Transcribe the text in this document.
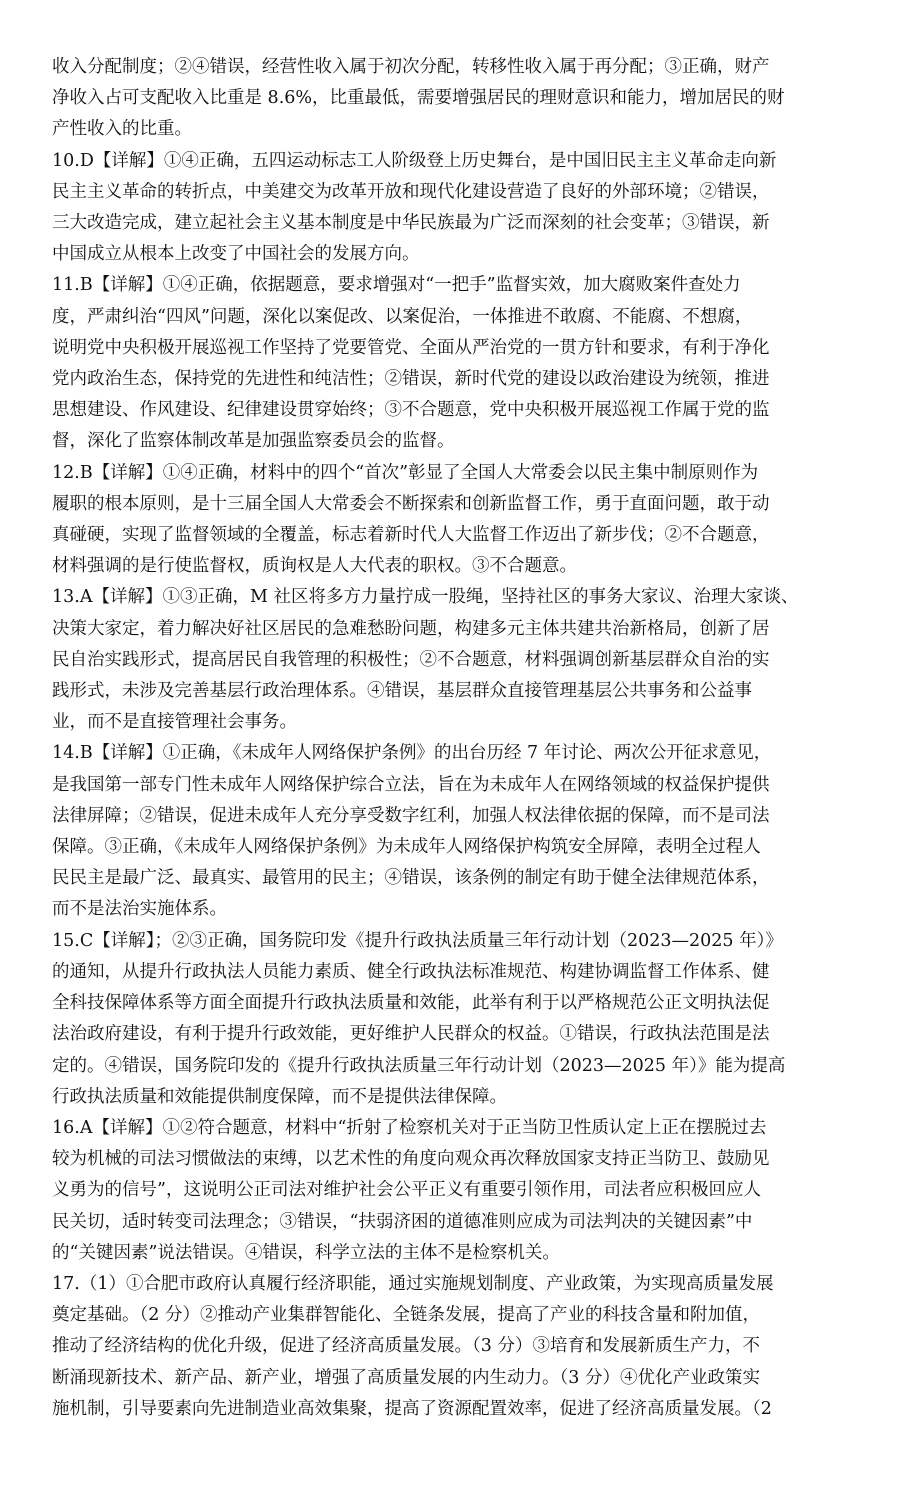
收入分配制度；②④错误，经营性收入属于初次分配，转移性收入属于再分配；③正确，财产
净收入占可支配收入比重是 8.6%，比重最低，需要增强居民的理财意识和能力，增加居民的财
产性收入的比重。
10.D【详解】①④正确，五四运动标志工人阶级登上历史舞台，是中国旧民主主义革命走向新
民主主义革命的转折点，中美建交为改革开放和现代化建设营造了良好的外部环境；②错误，
三大改造完成，建立起社会主义基本制度是中华民族最为广泛而深刻的社会变革；③错误，新
中国成立从根本上改变了中国社会的发展方向。
11.B【详解】①④正确，依据题意，要求增强对“一把手”监督实效，加大腐败案件查处力
度，严肃纠治“四风”问题，深化以案促改、以案促治，一体推进不敢腐、不能腐、不想腐，
说明党中央积极开展巡视工作坚持了党要管党、全面从严治党的一贯方针和要求，有利于净化
党内政治生态，保持党的先进性和纯洁性；②错误，新时代党的建设以政治建设为统领，推进
思想建设、作风建设、纪律建设贯穿始终；③不合题意，党中央积极开展巡视工作属于党的监
督，深化了监察体制改革是加强监察委员会的监督。
12.B【详解】①④正确，材料中的四个“首次”彰显了全国人大常委会以民主集中制原则作为
履职的根本原则，是十三届全国人大常委会不断探索和创新监督工作，勇于直面问题，敢于动
真碰硬，实现了监督领域的全覆盖，标志着新时代人大监督工作迈出了新步伐；②不合题意，
材料强调的是行使监督权，质询权是人大代表的职权。③不合题意。
13.A【详解】①③正确，M 社区将多方力量拧成一股绳，坚持社区的事务大家议、治理大家谈、
决策大家定，着力解决好社区居民的急难愁盼问题，构建多元主体共建共治新格局，创新了居
民自治实践形式，提高居民自我管理的积极性；②不合题意，材料强调创新基层群众自治的实
践形式，未涉及完善基层行政治理体系。④错误，基层群众直接管理基层公共事务和公益事
业，而不是直接管理社会事务。
14.B【详解】①正确，《未成年人网络保护条例》的出台历经 7 年讨论、两次公开征求意见，
是我国第一部专门性未成年人网络保护综合立法，旨在为未成年人在网络领域的权益保护提供
法律屏障；②错误，促进未成年人充分享受数字红利，加强人权法律依据的保障，而不是司法
保障。③正确，《未成年人网络保护条例》为未成年人网络保护构筑安全屏障，表明全过程人
民民主是最广泛、最真实、最管用的民主；④错误，该条例的制定有助于健全法律规范体系，
而不是法治实施体系。
15.C【详解】；②③正确，国务院印发《提升行政执法质量三年行动计划（2023—2025 年）》
的通知，从提升行政执法人员能力素质、健全行政执法标准规范、构建协调监督工作体系、健
全科技保障体系等方面全面提升行政执法质量和效能，此举有利于以严格规范公正文明执法促
法治政府建设，有利于提升行政效能，更好维护人民群众的权益。①错误，行政执法范围是法
定的。④错误，国务院印发的《提升行政执法质量三年行动计划（2023—2025 年）》能为提高
行政执法质量和效能提供制度保障，而不是提供法律保障。
16.A【详解】①②符合题意，材料中“折射了检察机关对于正当防卫性质认定上正在摆脱过去
较为机械的司法习惯做法的束缚，以艺术性的角度向观众再次释放国家支持正当防卫、鼓励见
义勇为的信号”，这说明公正司法对维护社会公平正义有重要引领作用，司法者应积极回应人
民关切，适时转变司法理念；③错误，“扶弱济困的道德准则应成为司法判决的关键因素”中
的“关键因素”说法错误。④错误，科学立法的主体不是检察机关。
17.（1）①合肥市政府认真履行经济职能，通过实施规划制度、产业政策，为实现高质量发展
奠定基础。（2 分）②推动产业集群智能化、全链条发展，提高了产业的科技含量和附加值，
推动了经济结构的优化升级，促进了经济高质量发展。（3 分）③培育和发展新质生产力，不
断涌现新技术、新产品、新产业，增强了高质量发展的内生动力。（3 分）④优化产业政策实
施机制，引导要素向先进制造业高效集聚，提高了资源配置效率，促进了经济高质量发展。（2
